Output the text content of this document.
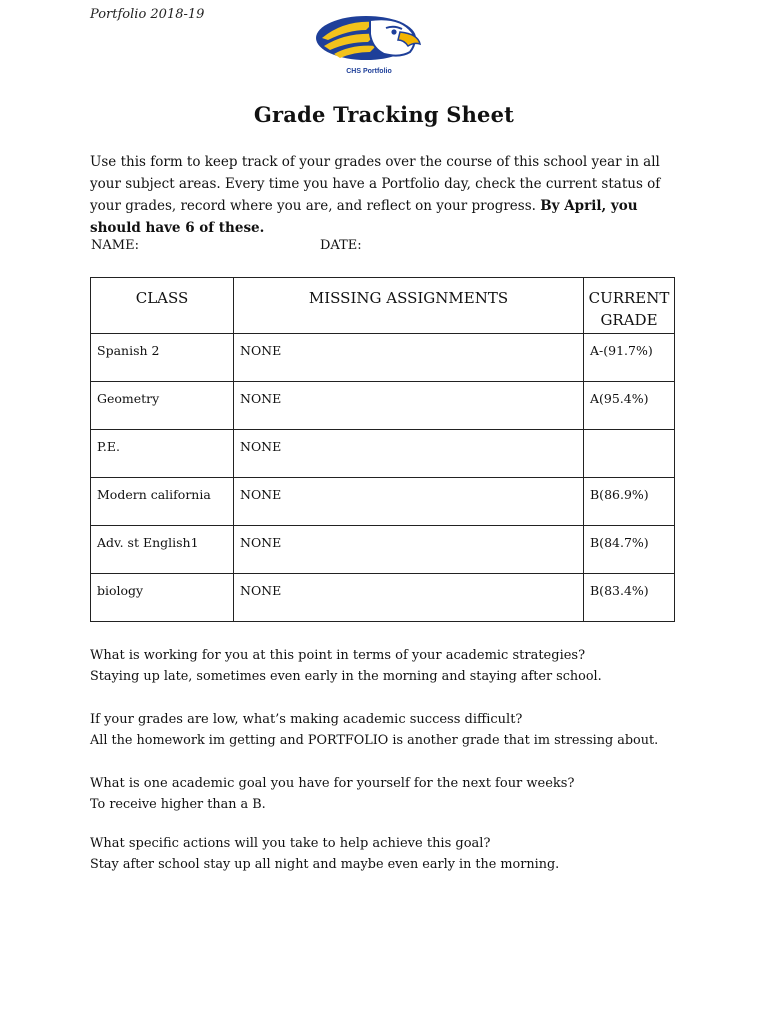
Portfolio 2018-19
CHS Portfolio
Grade Tracking Sheet
Use this form to keep track of your grades over the course of this school year in all your subject areas. Every time you have a Portfolio day, check the current status of your grades, record where you are, and reflect on your progress. By April, you should have 6 of these.
NAME:	DATE:
CLASS	MISSING ASSIGNMENTS	CURRENT GRADE
Spanish 2	NONE	A-(91.7%)
Geometry	NONE	A(95.4%)
P.E.	NONE	
Modern california	NONE	B(86.9%)
Adv. st English1	NONE	B(84.7%)
biology	NONE	B(83.4%)
What is working for you at this point in terms of your academic strategies?
Staying up late, sometimes even early in the morning and staying after school.
If your grades are low, what’s making academic success difficult?
All the homework im getting and PORTFOLIO is another grade that im stressing about.
What is one academic goal you have for yourself for the next four weeks?
To receive higher than a B.
What specific actions will you take to help achieve this goal?
Stay after school stay up all night and maybe even early in the morning.
